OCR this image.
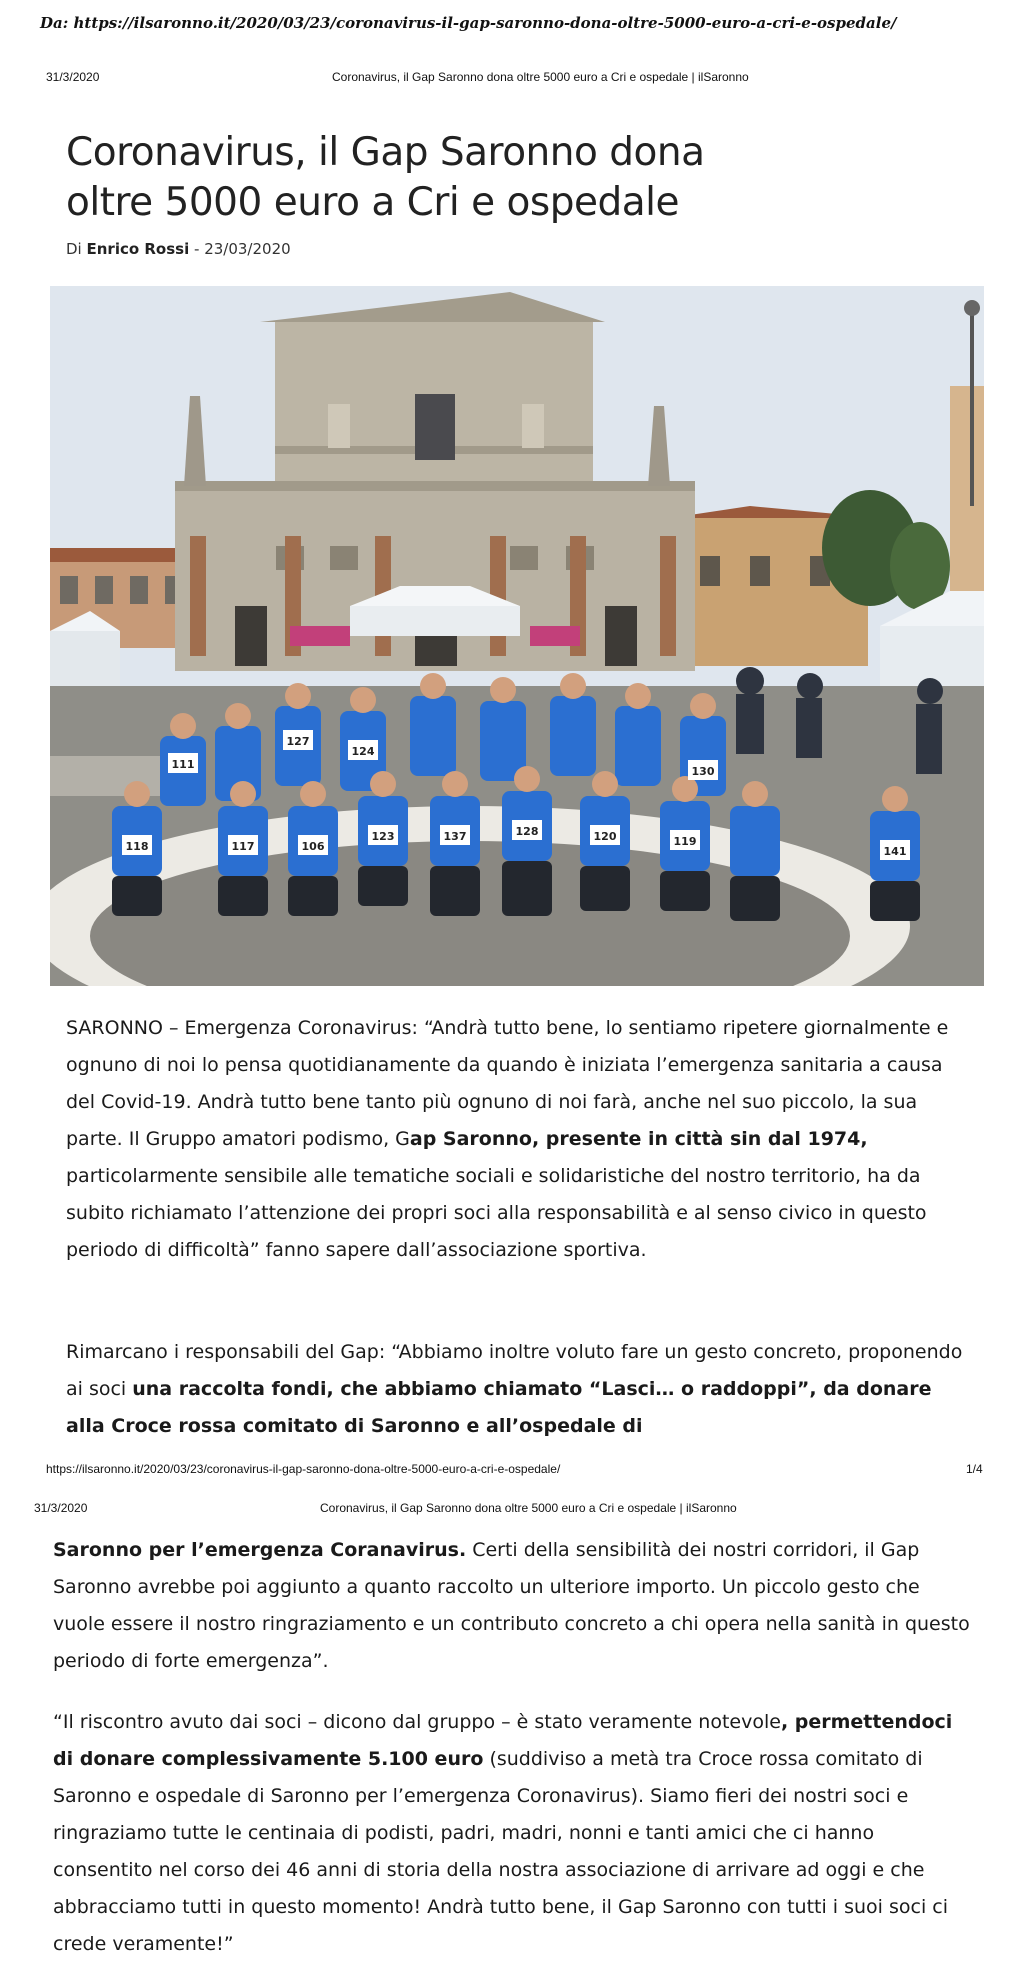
Da: https://ilsaronno.it/2020/03/23/coronavirus-il-gap-saronno-dona-oltre-5000-euro-a-cri-e-ospedale/
31/3/2020	Coronavirus, il Gap Saronno dona oltre 5000 euro a Cri e ospedale | ilSaronno
Coronavirus, il Gap Saronno dona oltre 5000 euro a Cri e ospedale
Di Enrico Rossi - 23/03/2020
127
111
124
118	117	106
123	137	128	120	119
141
130

SARONNO – Emergenza Coronavirus: “Andrà tutto bene, lo sentiamo ripetere giornalmente e ognuno di noi lo pensa quotidianamente da quando è iniziata l’emergenza sanitaria a causa del Covid-19. Andrà tutto bene tanto più ognuno di noi farà, anche nel suo piccolo, la sua parte. Il Gruppo amatori podismo, Gap Saronno, presente in città sin dal 1974, particolarmente sensibile alle tematiche sociali e solidaristiche del nostro territorio, ha da subito richiamato l’attenzione dei propri soci alla responsabilità e al senso civico in questo periodo di difficoltà” fanno sapere dall’associazione sportiva.

Rimarcano i responsabili del Gap: “Abbiamo inoltre voluto fare un gesto concreto, proponendo ai soci una raccolta fondi, che abbiamo chiamato “Lasci… o raddoppi”, da donare alla Croce rossa comitato di Saronno e all’ospedale di

https://ilsaronno.it/2020/03/23/coronavirus-il-gap-saronno-dona-oltre-5000-euro-a-cri-e-ospedale/	1/4
31/3/2020	Coronavirus, il Gap Saronno dona oltre 5000 euro a Cri e ospedale | ilSaronno

Saronno per l’emergenza Coranavirus. Certi della sensibilità dei nostri corridori, il Gap Saronno avrebbe poi aggiunto a quanto raccolto un ulteriore importo. Un piccolo gesto che vuole essere il nostro ringraziamento e un contributo concreto a chi opera nella sanità in questo periodo di forte emergenza”.

“Il riscontro avuto dai soci – dicono dal gruppo – è stato veramente notevole, permettendoci di donare complessivamente 5.100 euro (suddiviso a metà tra Croce rossa comitato di Saronno e ospedale di Saronno per l’emergenza Coronavirus). Siamo fieri dei nostri soci e ringraziamo tutte le centinaia di podisti, padri, madri, nonni e tanti amici che ci hanno consentito nel corso dei 46 anni di storia della nostra associazione di arrivare ad oggi e che abbracciamo tutti in questo momento! Andrà tutto bene, il Gap Saronno con tutti i suoi soci ci crede veramente!”
